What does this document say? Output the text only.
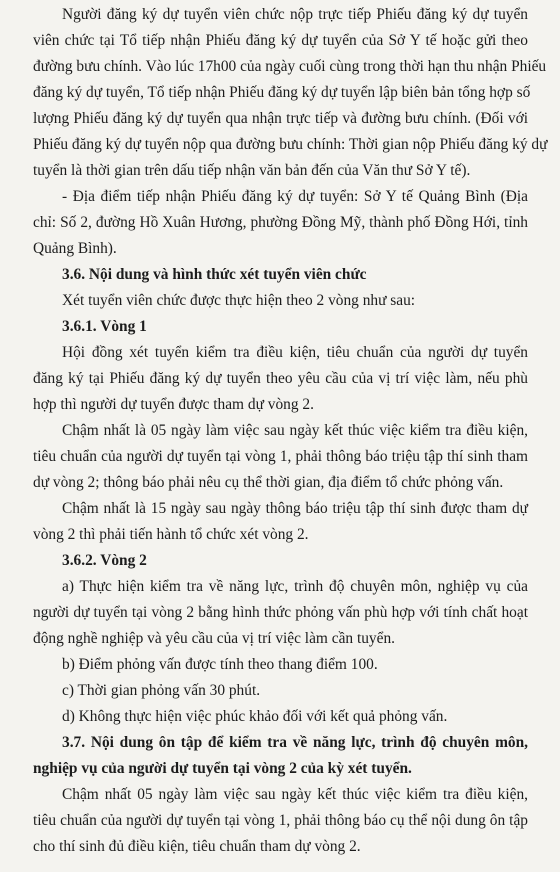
Người đăng ký dự tuyển viên chức nộp trực tiếp Phiếu đăng ký dự tuyển
viên chức tại Tổ tiếp nhận Phiếu đăng ký dự tuyển của Sở Y tế hoặc gửi theo
đường bưu chính. Vào lúc 17h00 của ngày cuối cùng trong thời hạn thu nhận Phiếu
đăng ký dự tuyển, Tổ tiếp nhận Phiếu đăng ký dự tuyển lập biên bản tổng hợp số
lượng Phiếu đăng ký dự tuyển qua nhận trực tiếp và đường bưu chính. (Đối với
Phiếu đăng ký dự tuyển nộp qua đường bưu chính: Thời gian nộp Phiếu đăng ký dự
tuyển là thời gian trên dấu tiếp nhận văn bản đến của Văn thư Sở Y tế).
- Địa điểm tiếp nhận Phiếu đăng ký dự tuyển: Sở Y tế Quảng Bình (Địa
chỉ: Số 2, đường Hồ Xuân Hương, phường Đồng Mỹ, thành phố Đồng Hới, tỉnh
Quảng Bình).
3.6. Nội dung và hình thức xét tuyển viên chức
Xét tuyển viên chức được thực hiện theo 2 vòng như sau:
3.6.1. Vòng 1
Hội đồng xét tuyển kiểm tra điều kiện, tiêu chuẩn của người dự tuyển
đăng ký tại Phiếu đăng ký dự tuyển theo yêu cầu của vị trí việc làm, nếu phù
hợp thì người dự tuyển được tham dự vòng 2.
Chậm nhất là 05 ngày làm việc sau ngày kết thúc việc kiểm tra điều kiện,
tiêu chuẩn của người dự tuyển tại vòng 1, phải thông báo triệu tập thí sinh tham
dự vòng 2; thông báo phải nêu cụ thể thời gian, địa điểm tổ chức phỏng vấn.
Chậm nhất là 15 ngày sau ngày thông báo triệu tập thí sinh được tham dự
vòng 2 thì phải tiến hành tổ chức xét vòng 2.
3.6.2. Vòng 2
a) Thực hiện kiểm tra về năng lực, trình độ chuyên môn, nghiệp vụ của
người dự tuyển tại vòng 2 bằng hình thức phỏng vấn phù hợp với tính chất hoạt
động nghề nghiệp và yêu cầu của vị trí việc làm cần tuyển.
b) Điểm phỏng vấn được tính theo thang điểm 100.
c) Thời gian phỏng vấn 30 phút.
d) Không thực hiện việc phúc khảo đối với kết quả phỏng vấn.
3.7. Nội dung ôn tập để kiểm tra về năng lực, trình độ chuyên môn,
nghiệp vụ của người dự tuyển tại vòng 2 của kỳ xét tuyển.
Chậm nhất 05 ngày làm việc sau ngày kết thúc việc kiểm tra điều kiện,
tiêu chuẩn của người dự tuyển tại vòng 1, phải thông báo cụ thể nội dung ôn tập
cho thí sinh đủ điều kiện, tiêu chuẩn tham dự vòng 2.
